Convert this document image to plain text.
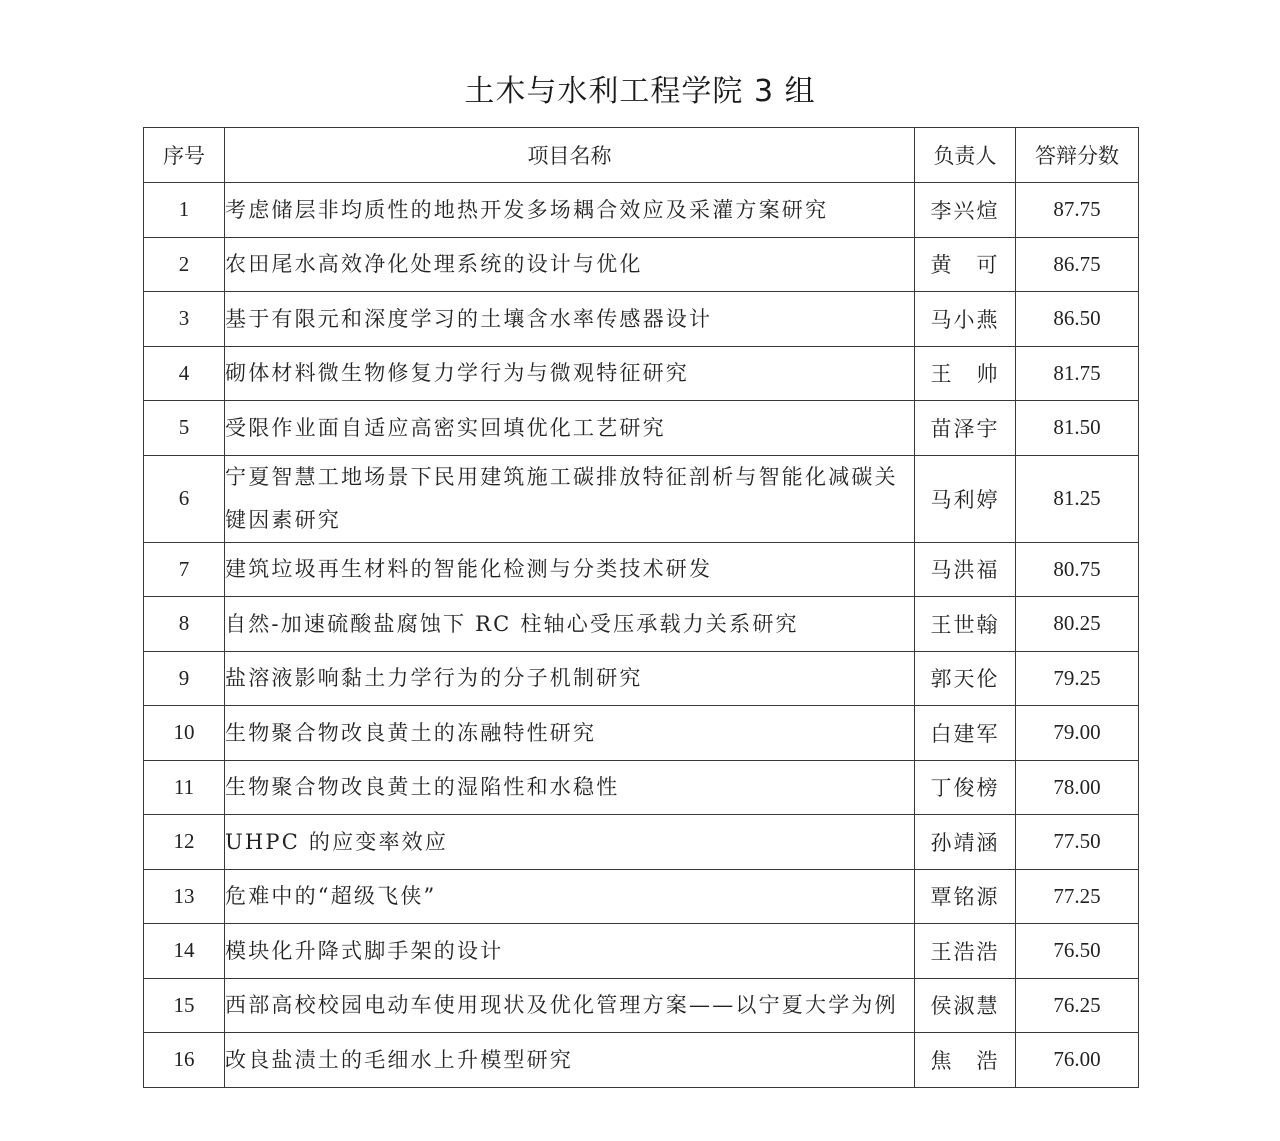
土木与水利工程学院 3 组
序号	项目名称	负责人	答辩分数
1	考虑储层非均质性的地热开发多场耦合效应及采灌方案研究	李兴煊	87.75
2	农田尾水高效净化处理系统的设计与优化	黄　可	86.75
3	基于有限元和深度学习的土壤含水率传感器设计	马小燕	86.50
4	砌体材料微生物修复力学行为与微观特征研究	王　帅	81.75
5	受限作业面自适应高密实回填优化工艺研究	苗泽宇	81.50
6	宁夏智慧工地场景下民用建筑施工碳排放特征剖析与智能化减碳关键因素研究	马利婷	81.25
7	建筑垃圾再生材料的智能化检测与分类技术研发	马洪福	80.75
8	自然-加速硫酸盐腐蚀下 RC 柱轴心受压承载力关系研究	王世翰	80.25
9	盐溶液影响黏土力学行为的分子机制研究	郭天伦	79.25
10	生物聚合物改良黄土的冻融特性研究	白建军	79.00
11	生物聚合物改良黄土的湿陷性和水稳性	丁俊榜	78.00
12	UHPC 的应变率效应	孙靖涵	77.50
13	危难中的“超级飞侠”	覃铭源	77.25
14	模块化升降式脚手架的设计	王浩浩	76.50
15	西部高校校园电动车使用现状及优化管理方案——以宁夏大学为例	侯淑慧	76.25
16	改良盐渍土的毛细水上升模型研究	焦　浩	76.00
